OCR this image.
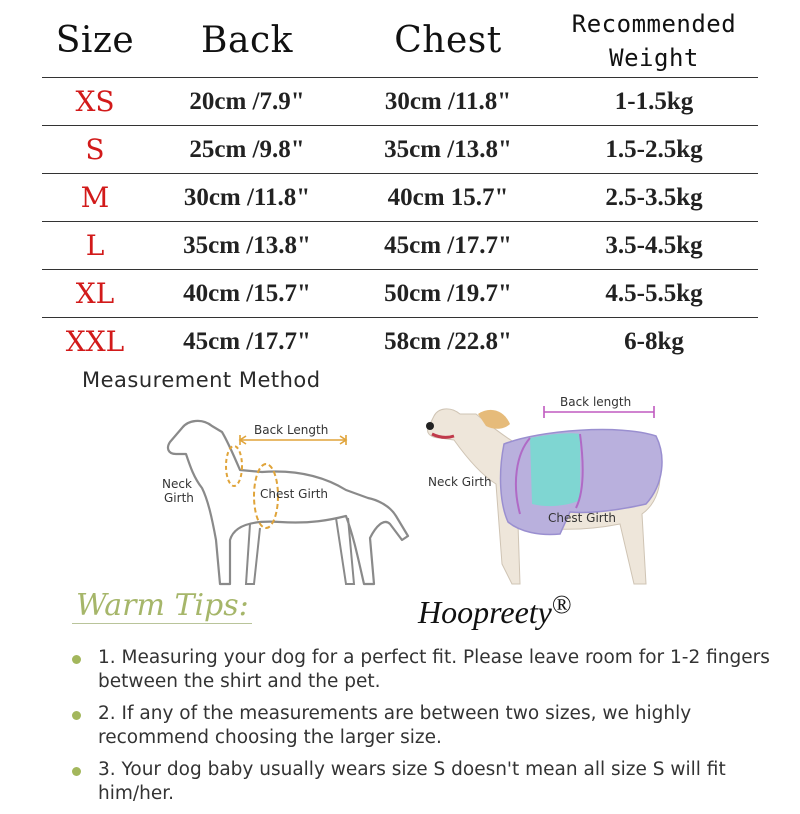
Size	Back	Chest	Recommended
Weight
XS	20cm /7.9"	30cm /11.8"	1-1.5kg
S	25cm /9.8"	35cm /13.8"	1.5-2.5kg
M	30cm /11.8"	40cm 15.7"	2.5-3.5kg
L	35cm /13.8"	45cm /17.7"	3.5-4.5kg
XL	40cm /15.7"	50cm /19.7"	4.5-5.5kg
XXL	45cm /17.7"	58cm /22.8"	6-8kg
Measurement Method
Back Length
Neck
Girth	Chest Girth
Back length
Neck Girth
Chest Girth
Warm Tips:	Hoopreety®
1. Measuring your dog for a perfect fit. Please leave room for 1-2 fingers between the shirt and the pet.
2. If any of the measurements are between two sizes, we highly recommend choosing the larger size.
3. Your dog baby usually wears size S doesn't mean all size S will fit him/her.
